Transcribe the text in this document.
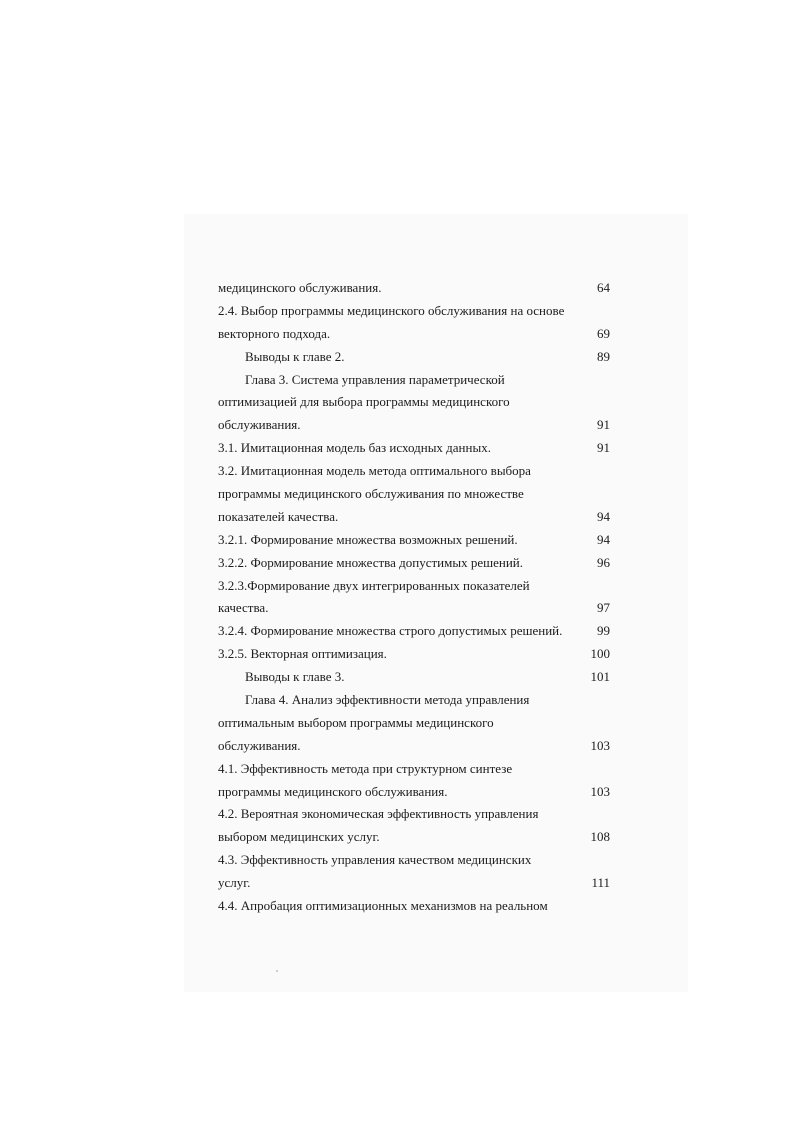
медицинского обслуживания.	64
2.4. Выбор программы медицинского обслуживания на основе
векторного подхода.	69
Выводы к главе 2.	89
Глава 3. Система управления параметрической
оптимизацией для выбора программы медицинского
обслуживания.	91
3.1. Имитационная модель баз исходных данных.	91
3.2. Имитационная модель метода оптимального выбора
программы медицинского обслуживания по множестве
показателей качества.	94
3.2.1. Формирование множества возможных решений.	94
3.2.2. Формирование множества допустимых решений.	96
3.2.3.Формирование двух интегрированных показателей
качества.	97
3.2.4. Формирование множества строго допустимых решений.	99
3.2.5. Векторная оптимизация.	100
Выводы к главе 3.	101
Глава 4. Анализ эффективности метода управления
оптимальным выбором программы медицинского
обслуживания.	103
4.1. Эффективность метода при структурном синтезе
программы медицинского обслуживания.	103
4.2. Вероятная экономическая эффективность управления
выбором медицинских услуг.	108
4.3. Эффективность управления качеством медицинских
услуг.	111
4.4. Апробация оптимизационных механизмов на реальном
